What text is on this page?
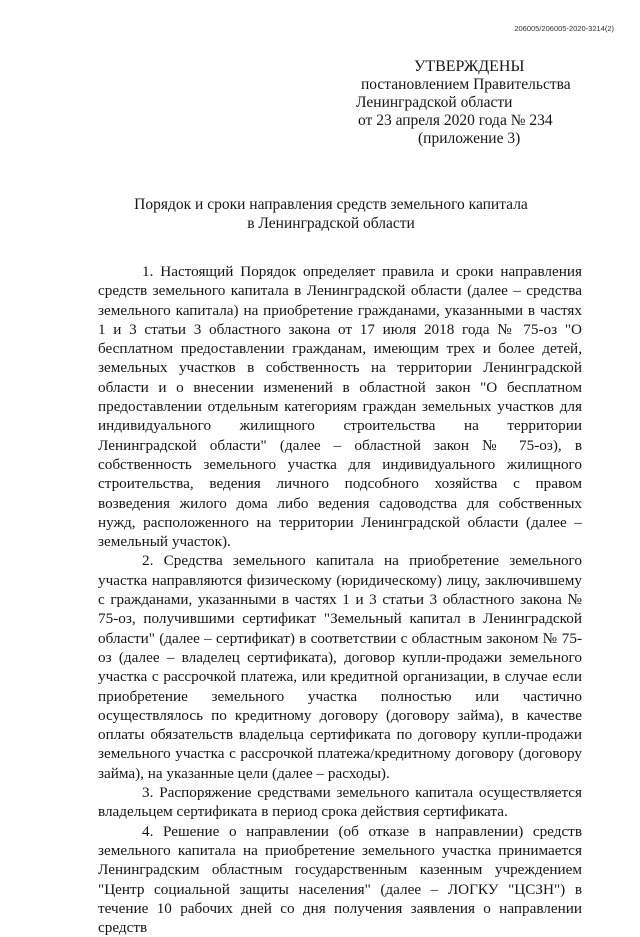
206005/206005-2020-3214(2)
УТВЕРЖДЕНЫ
постановлением Правительства
Ленинградской области
от 23 апреля 2020 года № 234
(приложение 3)
Порядок и сроки направления средств земельного капитала
в Ленинградской области

1. Настоящий Порядок определяет правила и сроки направления средств земельного капитала в Ленинградской области (далее – средства земельного капитала) на приобретение гражданами, указанными в частях 1 и 3 статьи 3 областного закона от 17 июля 2018 года № 75-оз "О бесплатном предоставлении гражданам, имеющим трех и более детей, земельных участков в собственность на территории Ленинградской области и о внесении изменений в областной закон "О бесплатном предоставлении отдельным категориям граждан земельных участков для индивидуального жилищного строительства на территории Ленинградской области" (далее – областной закон № 75-оз), в собственность земельного участка для индивидуального жилищного строительства, ведения личного подсобного хозяйства с правом возведения жилого дома либо ведения садоводства для собственных нужд, расположенного на территории Ленинградской области (далее – земельный участок).

2. Средства земельного капитала на приобретение земельного участка направляются физическому (юридическому) лицу, заключившему с гражданами, указанными в частях 1 и 3 статьи 3 областного закона № 75-оз, получившими сертификат "Земельный капитал в Ленинградской области" (далее – сертификат) в соответствии с областным законом № 75-оз (далее – владелец сертификата), договор купли-продажи земельного участка с рассрочкой платежа, или кредитной организации, в случае если приобретение земельного участка полностью или частично осуществлялось по кредитному договору (договору займа), в качестве оплаты обязательств владельца сертификата по договору купли-продажи земельного участка с рассрочкой платежа/кредитному договору (договору займа), на указанные цели (далее – расходы).

3. Распоряжение средствами земельного капитала осуществляется владельцем сертификата в период срока действия сертификата.

4. Решение о направлении (об отказе в направлении) средств земельного капитала на приобретение земельного участка принимается Ленинградским областным государственным казенным учреждением "Центр социальной защиты населения" (далее – ЛОГКУ "ЦСЗН") в течение 10 рабочих дней со дня получения заявления о направлении средств
